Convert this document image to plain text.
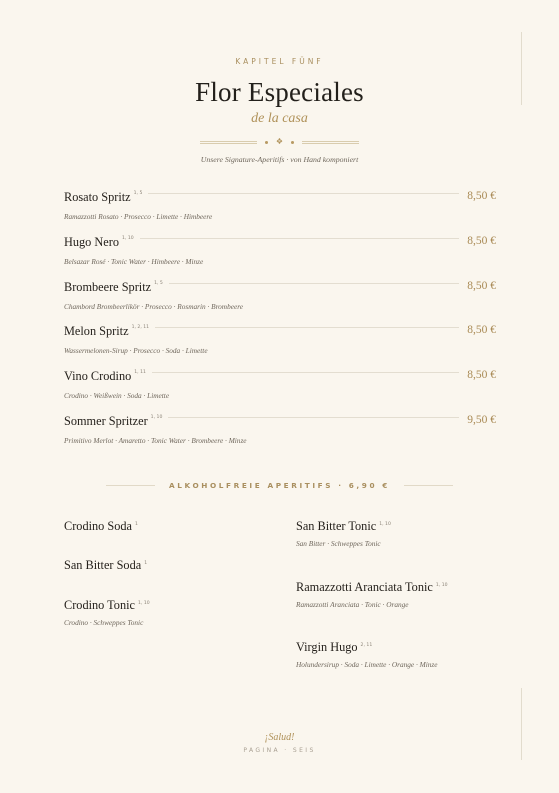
KAPITEL FÜNF
Flor Especiales
de la casa
❖
Unsere Signature-Aperitifs · von Hand komponiert
Rosato Spritz $^{1, 5}$	8,50 €
Ramazzotti Rosato · Prosecco · Limette · Himbeere
Hugo Nero $^{1, 10}$	8,50 €
Belsazar Rosé · Tonic Water · Himbeere · Minze
Brombeere Spritz $^{1, 5}$	8,50 €
Chambord Brombeerlikör · Prosecco · Rosmarin · Brombeere
Melon Spritz $^{1, 2, 11}$	8,50 €
Wassermelonen-Sirup · Prosecco · Soda · Limette
Vino Crodino $^{1, 11}$	8,50 €
Crodino · Weißwein · Soda · Limette
Sommer Spritzer $^{1, 10}$	9,50 €
Primitivo Merlot · Amaretto · Tonic Water · Brombeere · Minze
ALKOHOLFREIE APERITIFS · 6,90 €
Crodino Soda $^1$
San Bitter Soda $^1$
Crodino Tonic $^{1, 10}$
Crodino · Schweppes Tonic
San Bitter Tonic $^{1, 10}$
San Bitter · Schweppes Tonic
Ramazzotti Aranciata Tonic $^{1, 10}$
Ramazzotti Aranciata · Tonic · Orange
Virgin Hugo $^{2, 11}$
Holundersirup · Soda · Limette · Orange · Minze
¡Salud!
PAGINA · SEIS
